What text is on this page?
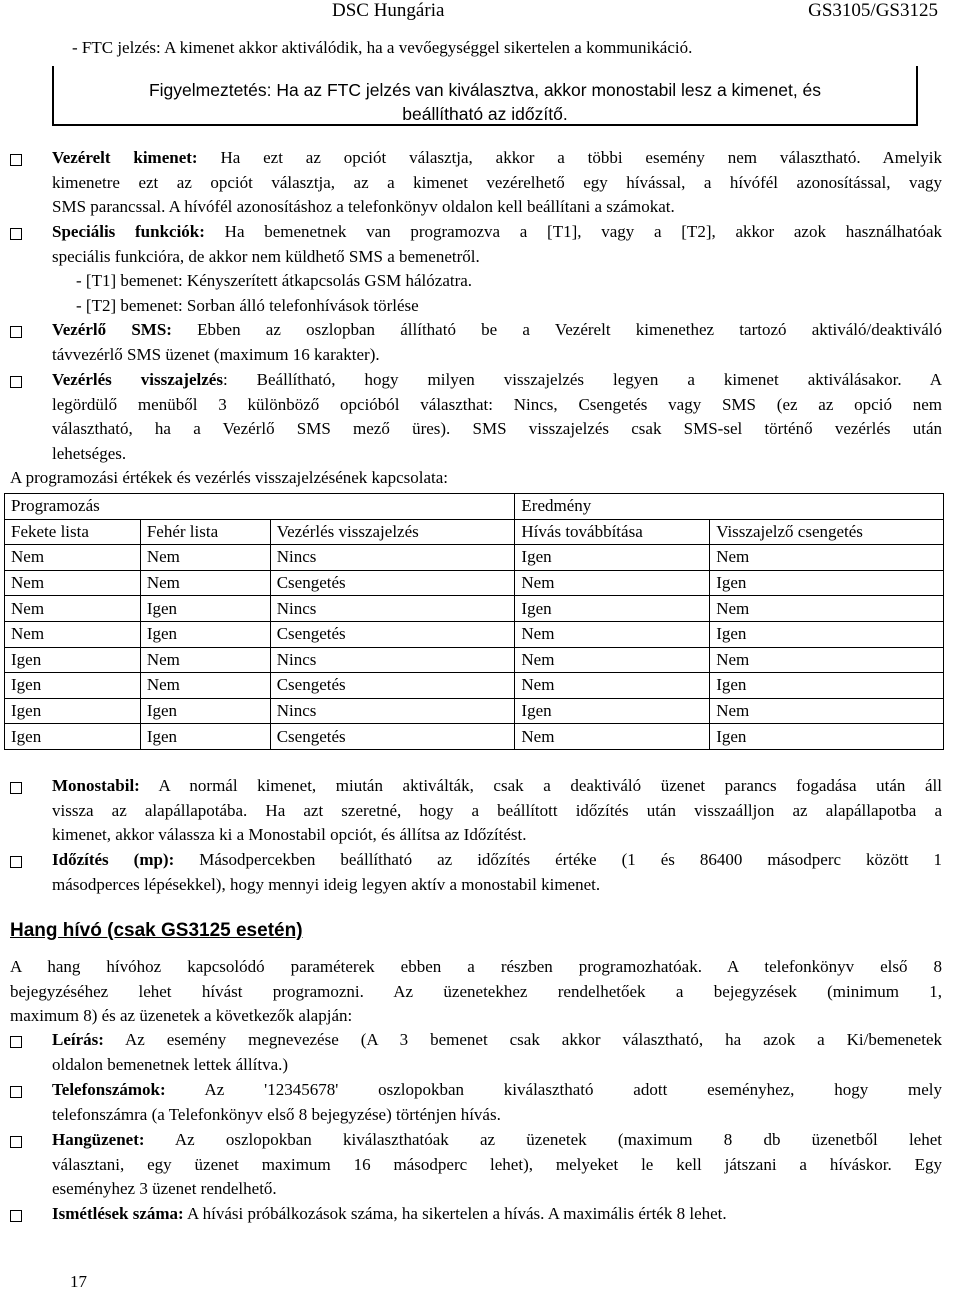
DSC Hungária	GS3105/GS3125
- FTC jelzés: A kimenet akkor aktiválódik, ha a vevőegységgel sikertelen a kommunikáció.
Figyelmeztetés: Ha az FTC jelzés van kiválasztva, akkor monostabil lesz a kimenet, és
beállítható az időzítő.
Vezérelt kimenet: Ha ezt az opciót választja, akkor a többi esemény nem választható. Amelyik
kimenetre ezt az opciót választja, az a kimenet vezérelhető egy hívással, a hívófél azonosítással, vagy
SMS parancssal. A hívófél azonosításhoz a telefonkönyv oldalon kell beállítani a számokat.
Speciális funkciók: Ha bemenetnek van programozva a [T1], vagy a [T2], akkor azok használhatóak
speciális funkcióra, de akkor nem küldhető SMS a bemenetről.
- [T1] bemenet: Kényszerített átkapcsolás GSM hálózatra.
- [T2] bemenet: Sorban álló telefonhívások törlése
Vezérlő SMS: Ebben az oszlopban állítható be a Vezérelt kimenethez tartozó aktiváló/deaktiváló
távvezérlő SMS üzenet (maximum 16 karakter).
Vezérlés visszajelzés: Beállítható, hogy milyen visszajelzés legyen a kimenet aktiválásakor. A
legördülő menüből 3 különböző opcióból választhat: Nincs, Csengetés vagy SMS (ez az opció nem
választható, ha a Vezérlő SMS mező üres). SMS visszajelzés csak SMS-sel történő vezérlés után
lehetséges.
A programozási értékek és vezérlés visszajelzésének kapcsolata:
Programozás			Eredmény	
Fekete lista	Fehér lista	Vezérlés visszajelzés	Hívás továbbítása	Visszajelző csengetés
Nem	Nem	Nincs	Igen	Nem
Nem	Nem	Csengetés	Nem	Igen
Nem	Igen	Nincs	Igen	Nem
Nem	Igen	Csengetés	Nem	Igen
Igen	Nem	Nincs	Nem	Nem
Igen	Nem	Csengetés	Nem	Igen
Igen	Igen	Nincs	Igen	Nem
Igen	Igen	Csengetés	Nem	Igen
Monostabil: A normál kimenet, miután aktiválták, csak a deaktiváló üzenet parancs fogadása után áll
vissza az alapállapotába. Ha azt szeretné, hogy a beállított időzítés után visszaálljon az alapállapotba a
kimenet, akkor válassza ki a Monostabil opciót, és állítsa az Időzítést.
Időzítés (mp): Másodpercekben beállítható az időzítés értéke (1 és 86400 másodperc között 1
másodperces lépésekkel), hogy mennyi ideig legyen aktív a monostabil kimenet.
Hang hívó (csak GS3125 esetén)
A hang hívóhoz kapcsolódó paraméterek ebben a részben programozhatóak. A telefonkönyv első 8
bejegyzéséhez lehet hívást programozni. Az üzenetekhez rendelhetőek a bejegyzések (minimum 1,
maximum 8) és az üzenetek a következők alapján:
Leírás: Az esemény megnevezése (A 3 bemenet csak akkor választható, ha azok a Ki/bemenetek
oldalon bemenetnek lettek állítva.)
Telefonszámok: Az '12345678' oszlopokban kiválasztható adott eseményhez, hogy mely
telefonszámra (a Telefonkönyv első 8 bejegyzése) történjen hívás.
Hangüzenet: Az oszlopokban kiválaszthatóak az üzenetek (maximum 8 db üzenetből lehet
választani, egy üzenet maximum 16 másodperc lehet), melyeket le kell játszani a híváskor. Egy
eseményhez 3 üzenet rendelhető.
Ismétlések száma: A hívási próbálkozások száma, ha sikertelen a hívás. A maximális érték 8 lehet.
17
